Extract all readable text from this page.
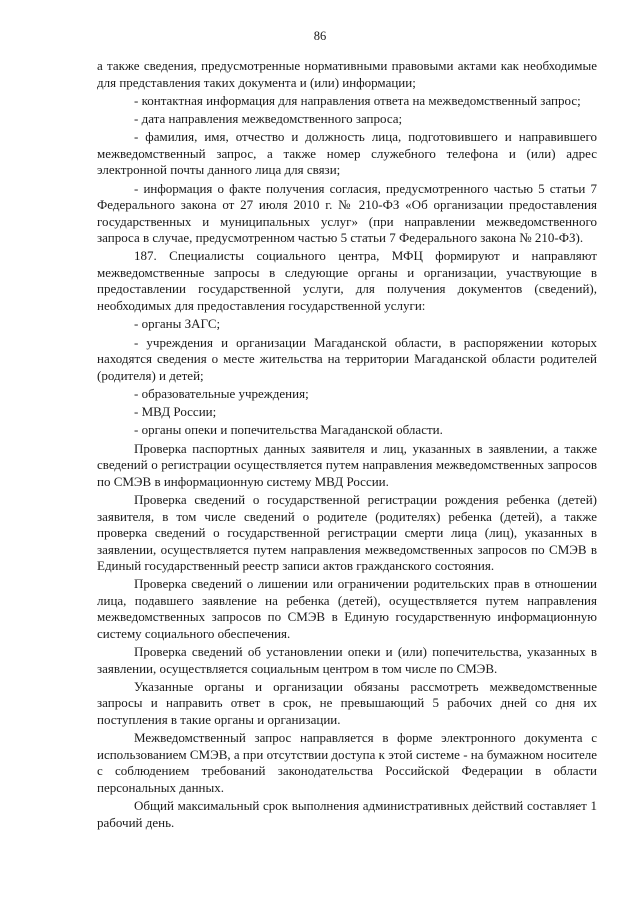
86

а также сведения, предусмотренные нормативными правовыми актами как необходимые для представления таких документа и (или) информации;

- контактная информация для направления ответа на межведомственный запрос;

- дата направления межведомственного запроса;

- фамилия, имя, отчество и должность лица, подготовившего и направившего межведомственный запрос, а также номер служебного телефона и (или) адрес электронной почты данного лица для связи;

- информация о факте получения согласия, предусмотренного частью 5 статьи 7 Федерального закона от 27 июля 2010 г. № 210-ФЗ «Об организации предоставления государственных и муниципальных услуг» (при направлении межведомственного запроса в случае, предусмотренном частью 5 статьи 7 Федерального закона № 210-ФЗ).

187. Специалисты социального центра, МФЦ формируют и направляют межведомственные запросы в следующие органы и организации, участвующие в предоставлении государственной услуги, для получения документов (сведений), необходимых для предоставления государственной услуги:

- органы ЗАГС;

- учреждения и организации Магаданской области, в распоряжении которых находятся сведения о месте жительства на территории Магаданской области родителей (родителя) и детей;

- образовательные учреждения;

- МВД России;

- органы опеки и попечительства Магаданской области.

Проверка паспортных данных заявителя и лиц, указанных в заявлении, а также сведений о регистрации осуществляется путем направления межведомственных запросов по СМЭВ в информационную систему МВД России.

Проверка сведений о государственной регистрации рождения ребенка (детей) заявителя, в том числе сведений о родителе (родителях) ребенка (детей), а также проверка сведений о государственной регистрации смерти лица (лиц), указанных в заявлении, осуществляется путем направления межведомственных запросов по СМЭВ в Единый государственный реестр записи актов гражданского состояния.

Проверка сведений о лишении или ограничении родительских прав в отношении лица, подавшего заявление на ребенка (детей), осуществляется путем направления межведомственных запросов по СМЭВ в Единую государственную информационную систему социального обеспечения.

Проверка сведений об установлении опеки и (или) попечительства, указанных в заявлении, осуществляется социальным центром в том числе по СМЭВ.

Указанные органы и организации обязаны рассмотреть межведомственные запросы и направить ответ в срок, не превышающий 5 рабочих дней со дня их поступления в такие органы и организации.

Межведомственный запрос направляется в форме электронного документа с использованием СМЭВ, а при отсутствии доступа к этой системе - на бумажном носителе с соблюдением требований законодательства Российской Федерации в области персональных данных.

Общий максимальный срок выполнения административных действий составляет 1 рабочий день.
